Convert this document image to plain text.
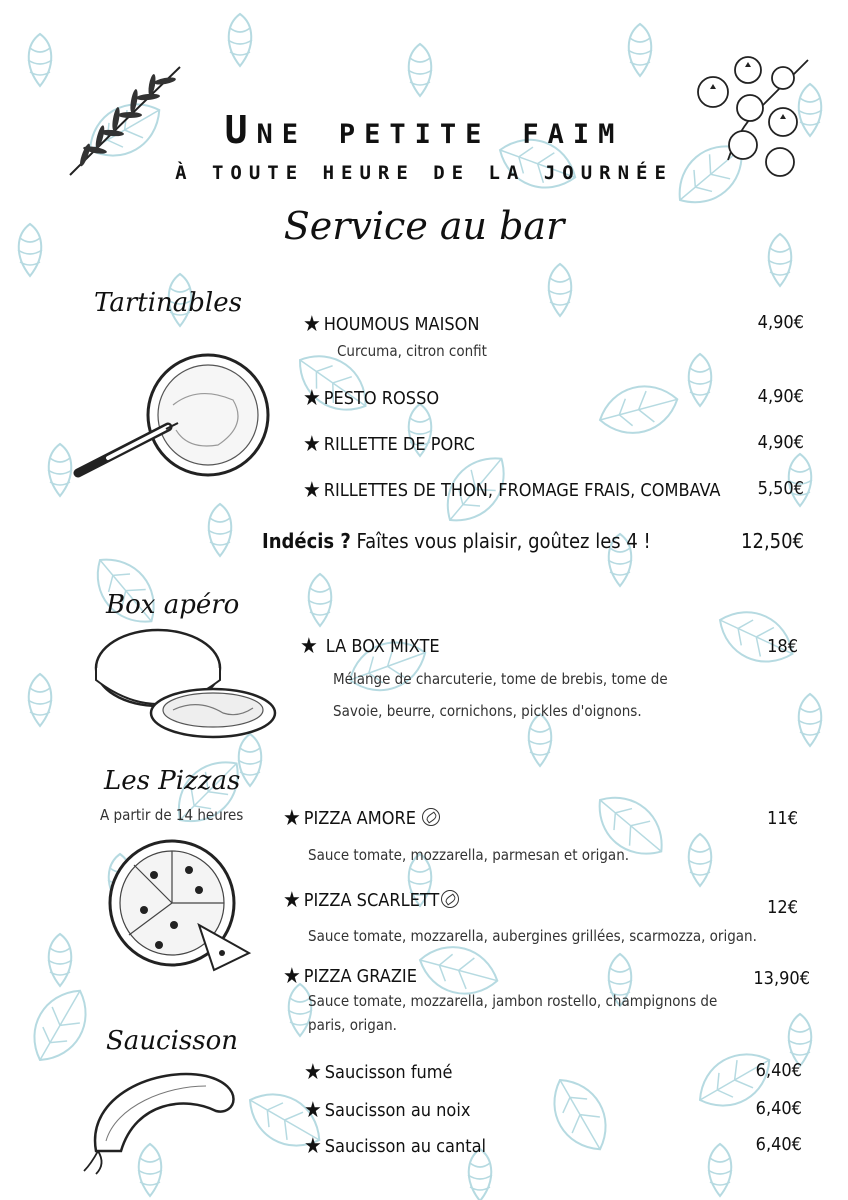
Une petite faim
À TOUTE HEURE DE LA JOURNÉE
Service au bar
Tartinables
★ HOUMOUS MAISON	4,90€
Curcuma, citron confit
★ PESTO ROSSO	4,90€
★ RILLETTE DE PORC	4,90€
★ RILLETTES DE THON, FROMAGE FRAIS, COMBAVA	5,50€
Indécis ? Faîtes vous plaisir, goûtez les 4 !	12,50€
Box apéro
★ LA BOX MIXTE	18€
Mélange de charcuterie, tome de brebis, tome de
Savoie, beurre, cornichons, pickles d'oignons.
Les Pizzas
A partir de 14 heures ★ PIZZA AMORE	11€
Sauce tomate, mozzarella, parmesan et origan.
★ PIZZA SCARLETT	12€
Sauce tomate, mozzarella, aubergines grillées, scarmozza, origan.
★ PIZZA GRAZIE	13,90€
Sauce tomate, mozzarella, jambon rostello, champignons de
paris, origan.
Saucisson
★ Saucisson fumé	6,40€
★ Saucisson au noix	6,40€
★ Saucisson au cantal	6,40€
